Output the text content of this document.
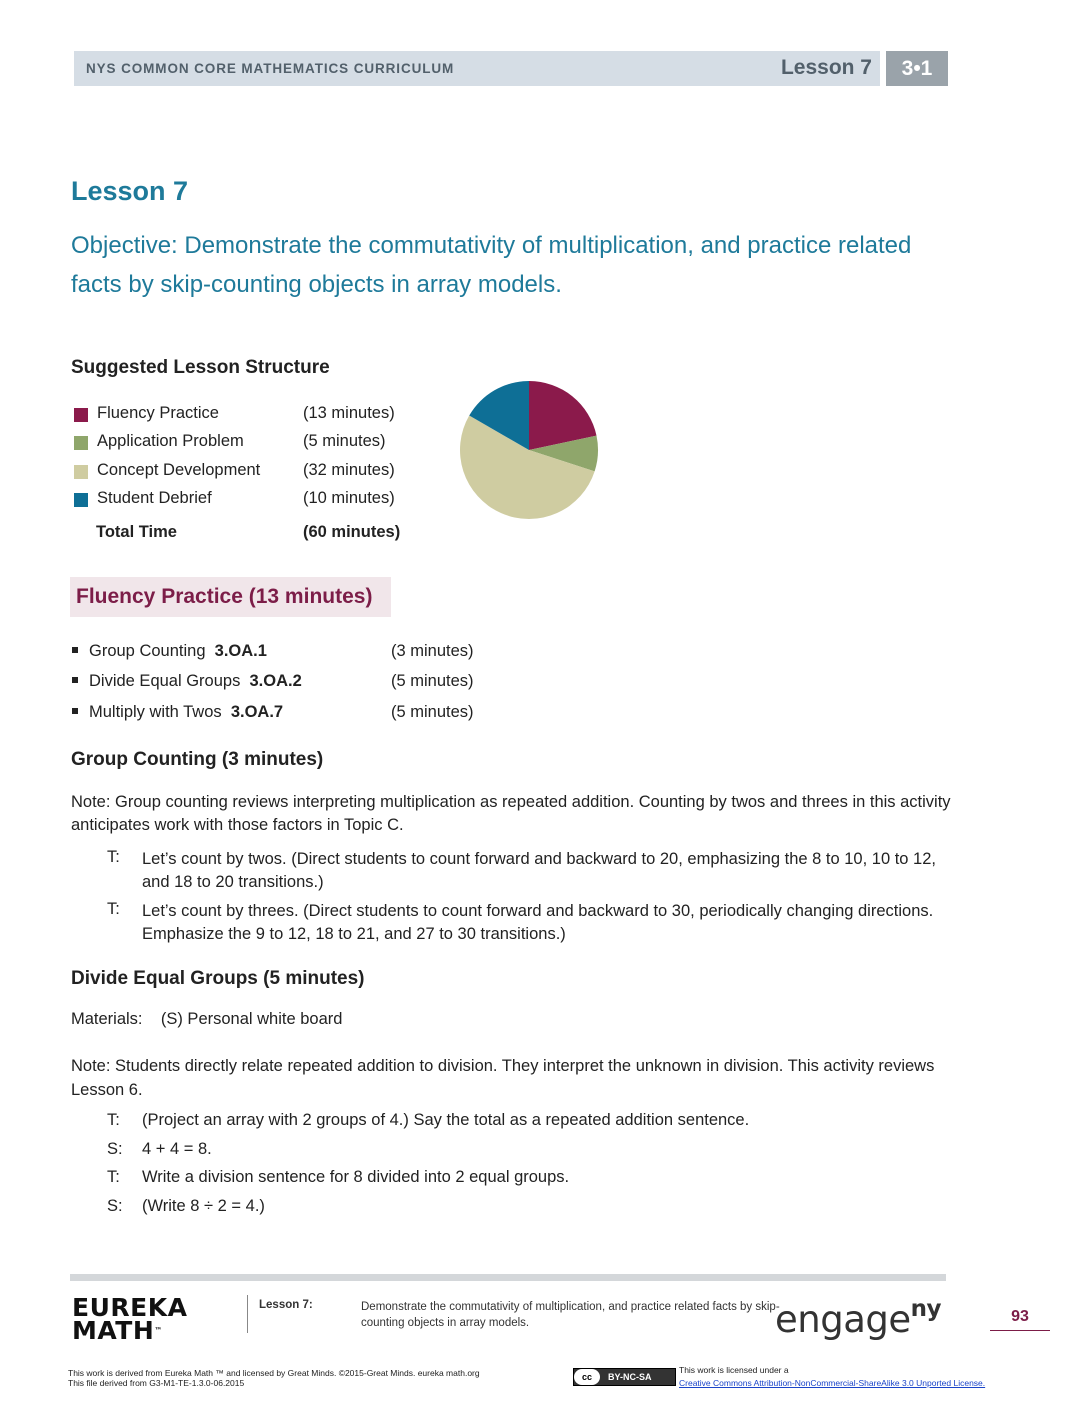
NYS COMMON CORE MATHEMATICS CURRICULUM	Lesson 7	3•1
Lesson 7
Objective: Demonstrate the commutativity of multiplication, and practice related facts by skip-counting objects in array models.
Suggested Lesson Structure
Fluency Practice	(13 minutes)
Application Problem	(5 minutes)
Concept Development	(32 minutes)
Student Debrief	(10 minutes)
Total Time	(60 minutes)
Fluency Practice (13 minutes)
Group Counting 3.OA.1	(3 minutes)
Divide Equal Groups 3.OA.2	(5 minutes)
Multiply with Twos 3.OA.7	(5 minutes)
Group Counting (3 minutes)
Note: Group counting reviews interpreting multiplication as repeated addition. Counting by twos and threes in this activity anticipates work with those factors in Topic C.
T: Let’s count by twos. (Direct students to count forward and backward to 20, emphasizing the 8 to 10, 10 to 12, and 18 to 20 transitions.)
T: Let’s count by threes. (Direct students to count forward and backward to 30, periodically changing directions. Emphasize the 9 to 12, 18 to 21, and 27 to 30 transitions.)
Divide Equal Groups (5 minutes)
Materials:    (S) Personal white board
Note: Students directly relate repeated addition to division. They interpret the unknown in division. This activity reviews Lesson 6.
T: (Project an array with 2 groups of 4.) Say the total as a repeated addition sentence.
S: 4 + 4 = 8.
T: Write a division sentence for 8 divided into 2 equal groups.
S: (Write 8 ÷ 2 = 4.)
EUREKA
MATH™
Lesson 7:	Demonstrate the commutativity of multiplication, and practice related facts by skip-counting objects in array models.	engage$^{ny}$	93
This work is derived from Eureka Math ™ and licensed by Great Minds. ©2015-Great Minds. eureka math.org
This file derived from G3-M1-TE-1.3.0-06.2015
cc BY-NC-SA
This work is licensed under a
Creative Commons Attribution-NonCommercial-ShareAlike 3.0 Unported License.
